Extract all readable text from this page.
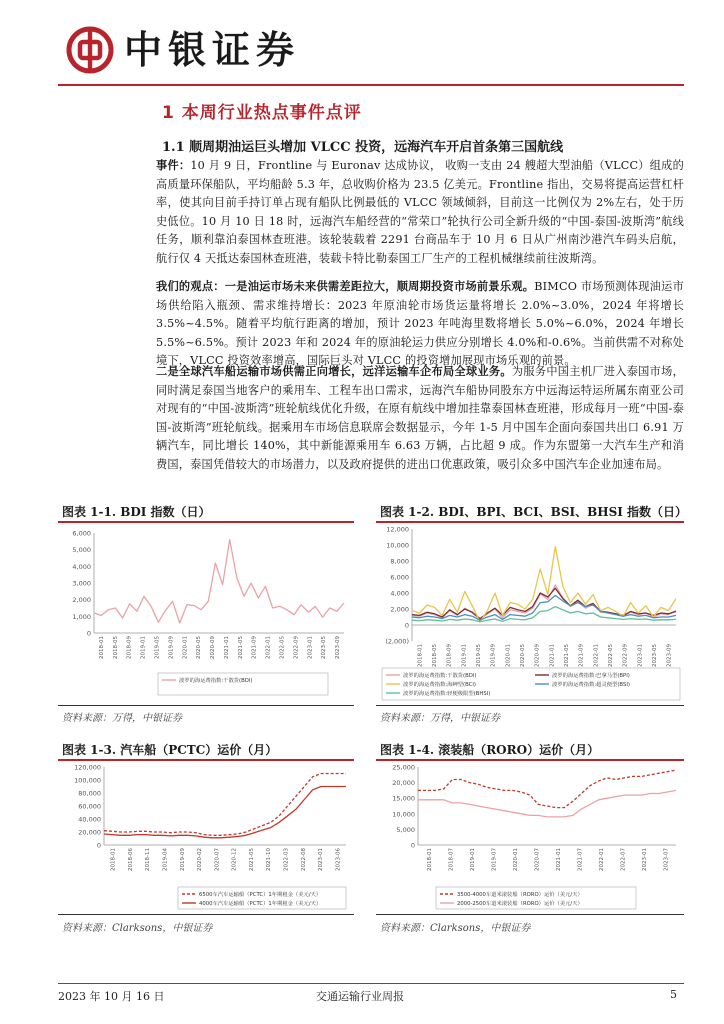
中银证券
1 本周行业热点事件点评
1.1 顺周期油运巨头增加 VLCC 投资，远海汽车开启首条第三国航线
事件：10 月 9 日，Frontline 与 Euronav 达成协议， 收购一支由 24 艘超大型油船（VLCC）组成的高质量环保船队，平均船龄 5.3 年，总收购价格为 23.5 亿美元。Frontline 指出，交易将提高运营杠杆率，使其向目前手持订单占现有船队比例最低的 VLCC 领域倾斜，目前这一比例仅为 2%左右，处于历史低位。10 月 10 日 18 时，远海汽车船经营的“常荣口”轮执行公司全新升级的“中国-泰国-波斯湾”航线任务，顺利靠泊泰国林查班港。该轮装载着 2291 台商品车于 10 月 6 日从广州南沙港汽车码头启航，航行仅 4 天抵达泰国林查班港，装载卡特比勒泰国工厂生产的工程机械继续前往波斯湾。
我们的观点：一是油运市场未来供需差距拉大，顺周期投资市场前景乐观。BIMCO 市场预测体现油运市场供给陷入瓶颈、需求维持增长：2023 年原油轮市场货运量将增长 2.0%~3.0%，2024 年将增长 3.5%~4.5%。随着平均航行距离的增加，预计 2023 年吨海里数将增长 5.0%~6.0%，2024 年增长 5.5%~6.5%。预计 2023 年和 2024 年的原油轮运力供应分别增长 4.0%和-0.6%。当前供需不对称处境下，VLCC 投资效率增高，国际巨头对 VLCC 的投资增加展现市场乐观的前景。
二是全球汽车船运输市场供需正向增长，远洋运输车企布局全球业务。为服务中国主机厂进入泰国市场，同时满足泰国当地客户的乘用车、工程车出口需求，远海汽车船协同股东方中远海运特运所属东南亚公司对现有的“中国-波斯湾”班轮航线优化升级，在原有航线中增加挂靠泰国林查班港，形成每月一班“中国-泰国-波斯湾”班轮航线。据乘用车市场信息联席会数据显示，今年 1-5 月中国车企面向泰国共出口 6.91 万辆汽车，同比增长 140%，其中新能源乘用车 6.63 万辆，占比超 9 成。作为东盟第一大汽车生产和消费国，泰国凭借较大的市场潜力，以及政府提供的进出口优惠政策，吸引众多中国汽车企业加速布局。
图表 1-1. BDI 指数（日）
6,000
5,000
4,000
3,000
2,000
1,000
0
2018-01 2018-05 2018-09 2019-01 2019-05 2019-09 2020-01 2020-05 2020-09 2021-01 2021-05 2021-09 2022-01 2022-05 2022-09 2023-01 2023-05 2023-09
波罗的海运费指数:干散货(BDI)
资料来源：万得，中银证券
图表 1-2. BDI、BPI、BCI、BSI、BHSI 指数（日）
12,000
10,000
8,000
6,000
4,000
2,000
0
(2,000)
2018-01 2018-05 2018-09 2019-01 2019-05 2019-09 2020-01 2020-05 2020-09 2021-01 2021-05 2021-09 2022-01 2022-05 2022-09 2023-01 2023-05 2023-09
波罗的海运费指数:干散货(BDI)	波罗的海运费指数:巴拿马型(BPI)
波罗的海运费指数:海岬型(BCI)	波罗的海运费指数:超灵便型(BSI)
波罗的海运费指数:轻便极限型(BHSI)
资料来源：万得，中银证券
图表 1-3. 汽车船（PCTC）运价（月）
120,000
100,000
80,000
60,000
40,000
20,000
0
2018-01 2018-06 2018-11 2019-04 2019-09 2020-02 2020-07 2020-12 2021-05 2021-10 2022-03 2022-08 2023-01 2023-06
6500车汽车运输船（PCTC）1年期租金（美元/天）
4000车汽车运输船（PCTC）1年期租金（美元/天）
资料来源：Clarksons，中银证券
图表 1-4. 滚装船（RORO）运价（月）
25,000
20,000
15,000
10,000
5,000
0
2018-01	2018-07	2019-01	2019-07	2020-01	2020-07	2021-01	2021-07	2022-01	2022-07	2023-01	2023-07
3500-4000车道米滚装船（RORO）运价（美元/天）
2000-2500车道米滚装船（RORO）运价（美元/天）
资料来源：Clarksons，中银证券
2023 年 10 月 16 日	交通运输行业周报	5
